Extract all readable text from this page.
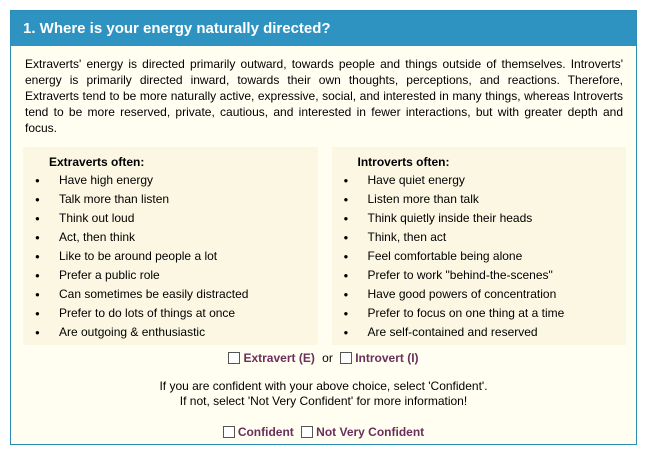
1. Where is your energy naturally directed?
Extraverts' energy is directed primarily outward, towards people and things outside of themselves. Introverts' energy is primarily directed inward, towards their own thoughts, perceptions, and reactions. Therefore, Extraverts tend to be more naturally active, expressive, social, and interested in many things, whereas Introverts tend to be more reserved, private, cautious, and interested in fewer interactions, but with greater depth and focus.
Extraverts often:
● Have high energy
● Talk more than listen
● Think out loud
● Act, then think
● Like to be around people a lot
● Prefer a public role
● Can sometimes be easily distracted
● Prefer to do lots of things at once
● Are outgoing & enthusiastic
Introverts often:
● Have quiet energy
● Listen more than talk
● Think quietly inside their heads
● Think, then act
● Feel comfortable being alone
● Prefer to work "behind-the-scenes"
● Have good powers of concentration
● Prefer to focus on one thing at a time
● Are self-contained and reserved
Extravert (E) or Introvert (I)
If you are confident with your above choice, select 'Confident'.
If not, select 'Not Very Confident' for more information!
Confident Not Very Confident
